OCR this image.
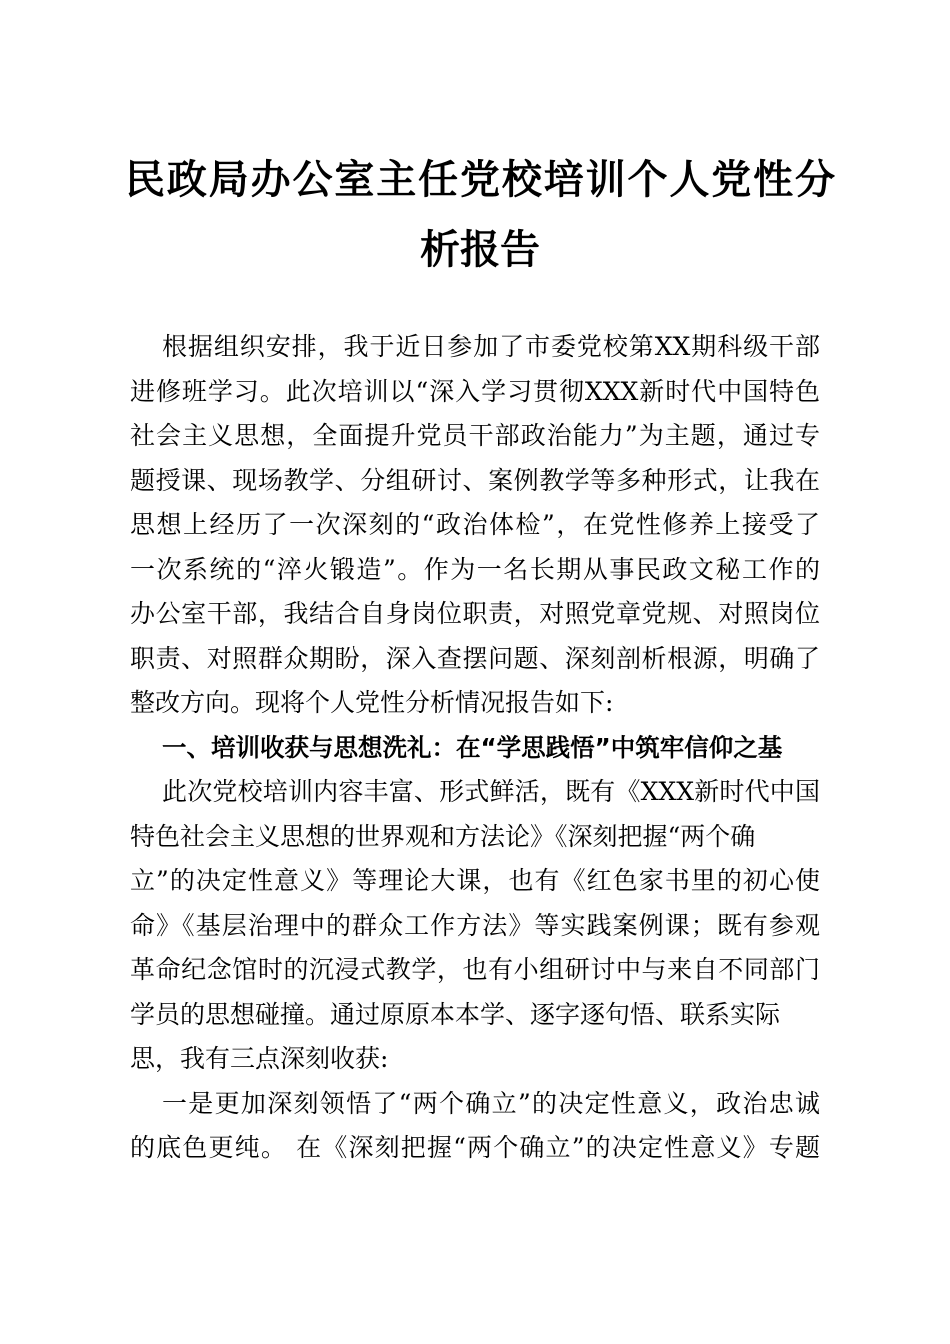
民政局办公室主任党校培训个人党性分
析报告
根据组织安排，我于近日参加了市委党校第XX期科级干部
进修班学习。此次培训以“深入学习贯彻XXX新时代中国特色
社会主义思想，全面提升党员干部政治能力”为主题，通过专
题授课、现场教学、分组研讨、案例教学等多种形式，让我在
思想上经历了一次深刻的“政治体检”，在党性修养上接受了
一次系统的“淬火锻造”。作为一名长期从事民政文秘工作的
办公室干部，我结合自身岗位职责，对照党章党规、对照岗位
职责、对照群众期盼，深入查摆问题、深刻剖析根源，明确了
整改方向。现将个人党性分析情况报告如下:
一、培训收获与思想洗礼：在“学思践悟”中筑牢信仰之基
此次党校培训内容丰富、形式鲜活，既有《XXX新时代中国
特色社会主义思想的世界观和方法论》《深刻把握“两个确
立”的决定性意义》等理论大课，也有《红色家书里的初心使
命》《基层治理中的群众工作方法》等实践案例课；既有参观
革命纪念馆时的沉浸式教学，也有小组研讨中与来自不同部门
学员的思想碰撞。通过原原本本学、逐字逐句悟、联系实际
思，我有三点深刻收获:
一是更加深刻领悟了“两个确立”的决定性意义，政治忠诚
的底色更纯。 在《深刻把握“两个确立”的决定性意义》专题
